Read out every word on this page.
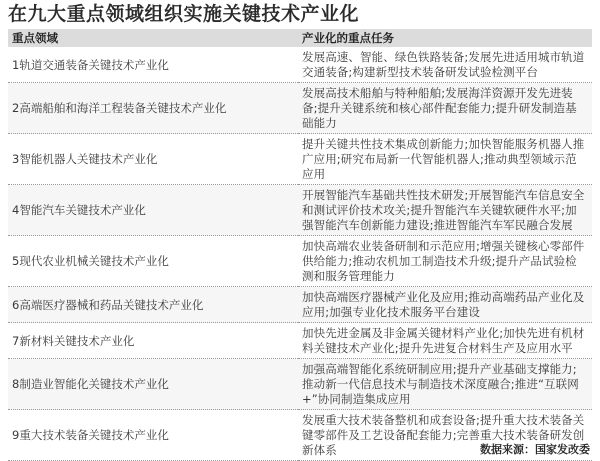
在九大重点领域组织实施关键技术产业化
重点领域	产业化的重点任务
1轨道交通装备关键技术产业化	发展高速、智能、绿色铁路装备;发展先进适用城市轨道交通装备;构建新型技术装备研发试验检测平台
2高端船舶和海洋工程装备关键技术产业化	发展高技术船舶与特种船舶;发展海洋资源开发先进装备;提升关键系统和核心部件配套能力;提升研发制造基础能力
3智能机器人关键技术产业化	提升关键共性技术集成创新能力;加快智能服务机器人推广应用;研究布局新一代智能机器人;推动典型领域示范应用
4智能汽车关键技术产业化	开展智能汽车基础共性技术研发;开展智能汽车信息安全和测试评价技术攻关;提升智能汽车关键软硬件水平;加强智能汽车创新能力建设;推进智能汽车军民融合发展
5现代农业机械关键技术产业化	加快高端农业装备研制和示范应用;增强关键核心零部件供给能力;推动农机加工制造技术升级;提升产品试验检测和服务管理能力
6高端医疗器械和药品关键技术产业化	加快高端医疗器械产业化及应用;推动高端药品产业化及应用;加强专业化技术服务平台建设
7新材料关键技术产业化	加快先进金属及非金属关键材料产业化;加快先进有机材料关键技术产业化;提升先进复合材料生产及应用水平
8制造业智能化关键技术产业化	加强高端智能化系统研制应用;提升产业基础支撑能力;推动新一代信息技术与制造技术深度融合;推进“互联网+”协同制造集成应用
9重大技术装备关键技术产业化	发展重大技术装备整机和成套设备;提升重大技术装备关键零部件及工艺设备配套能力;完善重大技术装备研发创新体系	数据来源：国家发改委
